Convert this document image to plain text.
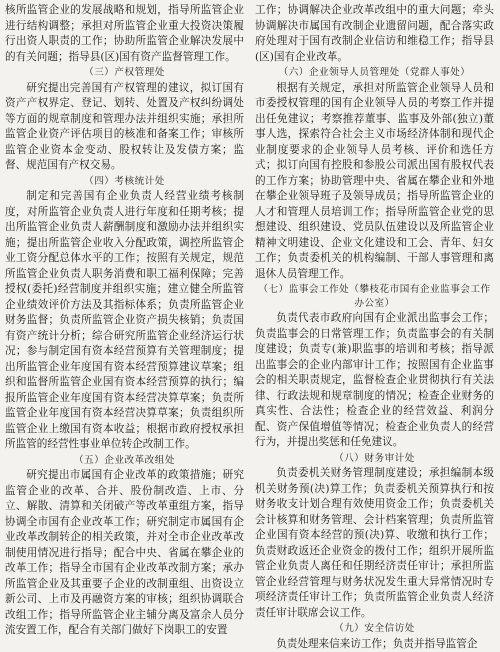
核所监管企业的发展战略和规划，指导所监管企业进行结构调整；承担对所监管企业重大投资决策履行出资人职责的工作；协助所监管企业解决发展中的有关问题；指导县(区)国有资产监督管理工作。
（三）产权管理处
研究提出完善国有产权管理的建议，拟订国有资产产权界定、登记、划转、处置及产权纠纷调处等方面的规章制度和管理办法并组织实施；承担所监管企业资产评估项目的核准和备案工作；审核所监管企业资本金变动、股权转让及发债方案；监督、规范国有产权交易。
（四）考核统计处
制定和完善国有企业负责人经营业绩考核制度，对所监管企业负责人进行年度和任期考核；提出所监管企业负责人薪酬制度和激励办法并组织实施；提出所监管企业收入分配政策，调控所监管企业工资分配总体水平的工作；按照有关规定，规范所监管企业负责人职务消费和职工福利保障；完善授权(委托)经营制度并组织实施；建立健全所监管企业绩效评价方法及其指标体系；负责所监管企业财务监督；负责所监管企业资产损失核销；负责国有资产统计分析；综合研究所监管企业经济运行状况；参与制定国有资本经营预算有关管理制度；提出所监管企业年度国有资本经营预算建议草案；组织和监督所监管企业国有资本经营预算的执行；编报所监管企业年度国有资本经营决算草案；负责所监管企业年度国有资本经营决算草案；负责组织所监管企业上缴国有资本收益；根据市政府授权承担所监管的经营性事业单位转企改制工作。
（五）企业改革改组处
研究提出市属国有企业改革的政策措施；研究监管企业的改革、合并、股份制改造、上市、分立、解散、清算和关闭破产等改革重组方案，指导协调全市国有企业改革工作；研究制定市属国有企业改革改制转企的相关政策，并对全市企业改革改制使用情况进行指导；配合中央、省属在攀企业的改革工作；指导全市国有企业改革改制方案；承办所监管企业及其重要子企业的改制重组、出资设立新公司、上市及再融资方案的审核；组织协调联合改组工作；指导所监管企业主辅分离及富余人员分流安置工作，配合有关部门做好下岗职工的安置
工作；协调解决企业改革改组中的重大问题；牵头协调解决市属国有改制企业遗留问题，配合落实政府处理对于国有改制企业信访和维稳工作；指导县(区)国有企业改革。
（六）企业领导人员管理处（党群人事处）
根据有关规定，承担对所监管企业领导人员和市委授权管理的国有企业领导人员的考察工作并提出任免建议；考察推荐董事、监事及外部(独立)董事人选，探索符合社会主义市场经济体制和现代企业制度要求的企业领导人员考核、评价和选任方式；拟订向国有控股和参股公司派出国有股权代表的工作方案；协助管理中央、省属在攀企业和外地在攀企业领导班子及领导成员；指导所监管企业的人才和管理人员培训工作；指导所监管企业党的思想建设、组织建设、党员队伍建设以及所监管企业精神文明建设、企业文化建设和工会、青年、妇女工作；负责委机关的机构编制、干部人事管理和离退休人员管理工作。
（七）监事会工作处（攀枝花市国有企业监事会工作办公室）
负责代表市政府向国有企业派出监事会工作；负责监事会的日常管理工作；负责监事会的有关制度建设；负责专(兼)职监事的培训和考核；指导派出监事会的企业内部审计工作；按照国有企业监事会的相关职责规定，监督检查企业贯彻执行有关法律、行政法规和规章制度的情况；检查企业财务的真实性、合法性；检查企业的经营效益、利润分配、资产保值增值等情况；检查企业负责人的经营行为，并提出奖惩和任免建议。
（八）财务审计处
负责委机关财务管理制度建设；承担编制本级机关财务预(决)算工作；负责委机关预算执行和按财务收支计划合理有效使用资金工作；负责委机关会计核算和财务管理、会计档案管理；负责所监管企业国有资本经营的预(决)算、收缴和执行工作；负责财政返还企业资金的拨付工作；组织开展所监管企业负责人离任和任期经济责任审计；承担所监管企业经营管理与财务状况发生重大异常情况时专项经济责任审计工作；负责所监管企业负责人经济责任审计联席会议工作。
（九）安全信访处
负责处理来信来访工作；负责并指导监管企
